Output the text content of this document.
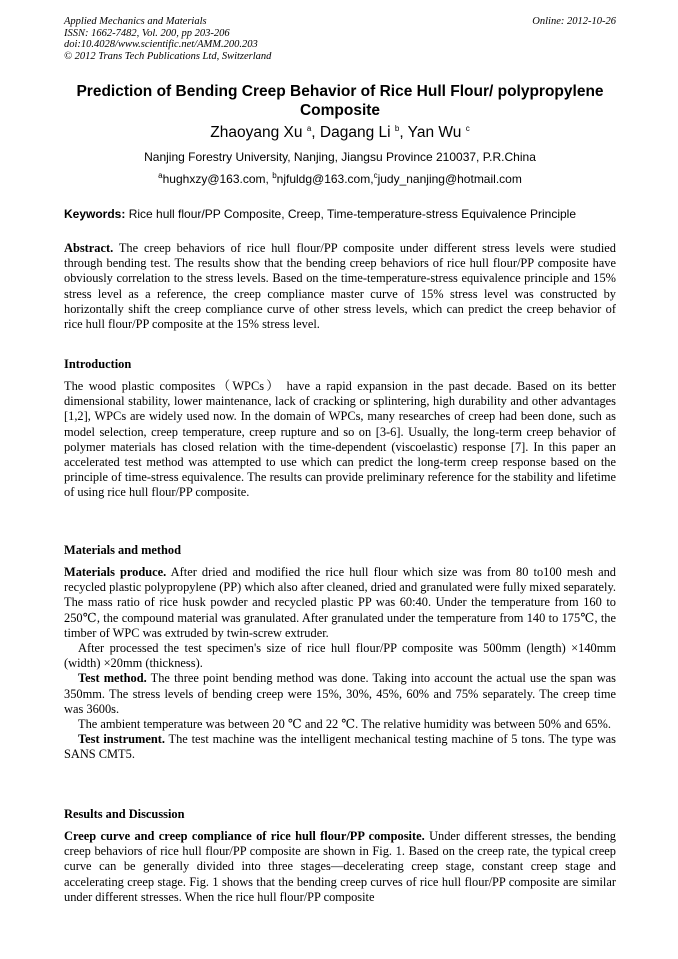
Applied Mechanics and Materials	Online: 2012-10-26
ISSN: 1662-7482, Vol. 200, pp 203-206
doi:10.4028/www.scientific.net/AMM.200.203
© 2012 Trans Tech Publications Ltd, Switzerland
Prediction of Bending Creep Behavior of Rice Hull Flour/ polypropylene
Composite
Zhaoyang Xu $^a$, Dagang Li $^b$, Yan Wu $^c$
Nanjing Forestry University, Nanjing, Jiangsu Province 210037, P.R.China
$^a$hughxzy@163.com, $^b$njfuldg@163.com,$^c$judy_nanjing@hotmail.com
Keywords: Rice hull flour/PP Composite, Creep, Time-temperature-stress Equivalence Principle
Abstract. The creep behaviors of rice hull flour/PP composite under different stress levels were studied through bending test. The results show that the bending creep behaviors of rice hull flour/PP composite have obviously correlation to the stress levels. Based on the time-temperature-stress equivalence principle and 15% stress level as a reference, the creep compliance master curve of 15% stress level was constructed by horizontally shift the creep compliance curve of other stress levels, which can predict the creep behavior of rice hull flour/PP composite at the 15% stress level.
Introduction
The wood plastic composites（WPCs） have a rapid expansion in the past decade. Based on its better dimensional stability, lower maintenance, lack of cracking or splintering, high durability and other advantages [1,2], WPCs are widely used now. In the domain of WPCs, many researches of creep had been done, such as model selection, creep temperature, creep rupture and so on [3-6]. Usually, the long-term creep behavior of polymer materials has closed relation with the time-dependent (viscoelastic) response [7]. In this paper an accelerated test method was attempted to use which can predict the long-term creep response based on the principle of time-stress equivalence. The results can provide preliminary reference for the stability and lifetime of using rice hull flour/PP composite.
Materials and method
Materials produce. After dried and modified the rice hull flour which size was from 80 to100 mesh and recycled plastic polypropylene (PP) which also after cleaned, dried and granulated were fully mixed separately. The mass ratio of rice husk powder and recycled plastic PP was 60:40. Under the temperature from 160 to 250℃, the compound material was granulated. After granulated under the temperature from 140 to 175℃, the timber of WPC was extruded by twin-screw extruder.
After processed the test specimen's size of rice hull flour/PP composite was 500mm (length) ×140mm (width) ×20mm (thickness).
Test method. The three point bending method was done. Taking into account the actual use the span was 350mm. The stress levels of bending creep were 15%, 30%, 45%, 60% and 75% separately. The creep time was 3600s.
The ambient temperature was between 20 ℃ and 22 ℃. The relative humidity was between 50% and 65%.
Test instrument. The test machine was the intelligent mechanical testing machine of 5 tons. The type was SANS CMT5.
Results and Discussion
Creep curve and creep compliance of rice hull flour/PP composite. Under different stresses, the bending creep behaviors of rice hull flour/PP composite are shown in Fig. 1. Based on the creep rate, the typical creep curve can be generally divided into three stages—decelerating creep stage, constant creep stage and accelerating creep stage. Fig. 1 shows that the bending creep curves of rice hull flour/PP composite are similar under different stresses. When the rice hull flour/PP composite
